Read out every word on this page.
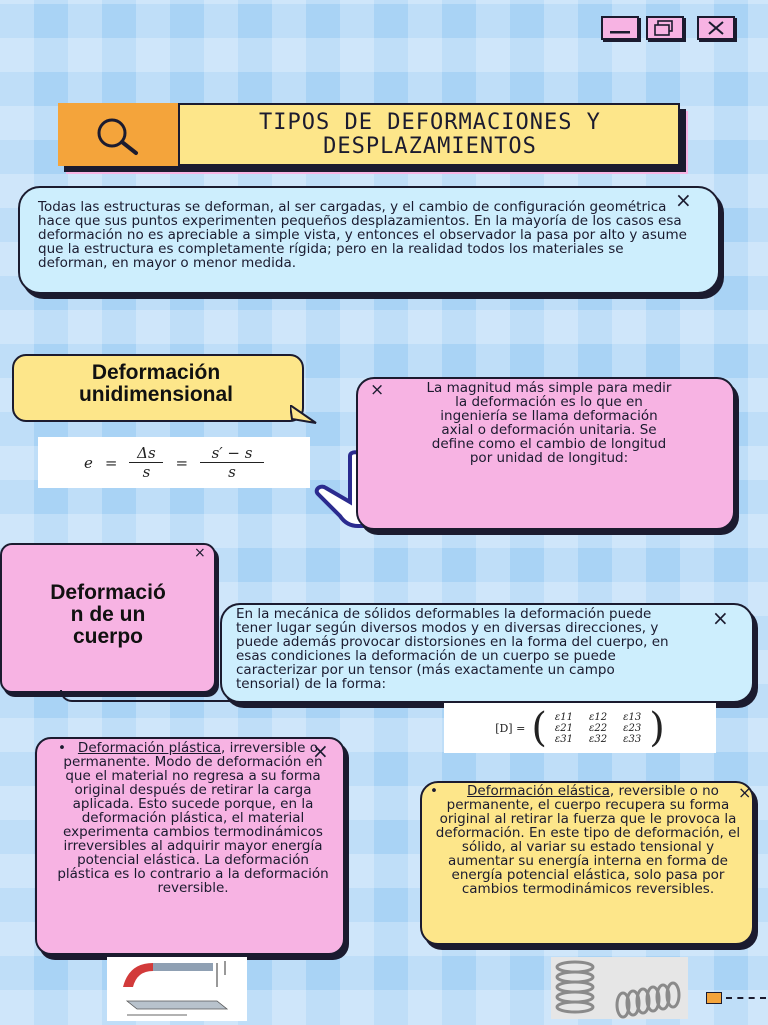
TIPOS DE DEFORMACIONES Y
DESPLAZAMIENTOS
Todas las estructuras se deforman, al ser cargadas, y el cambio de configuración geométrica hace que sus puntos experimenten pequeños desplazamientos. En la mayoría de los casos esa deformación no es apreciable a simple vista, y entonces el observador la pasa por alto y asume que la estructura es completamente rígida; pero en la realidad todos los materiales se deforman, en mayor o menor medida.
×
Deformación
unidimensional
$e = \frac{\Delta s}{s} = \frac{s' - s}{s}$
La magnitud más simple para medir la deformación es lo que en ingeniería se llama deformación axial o deformación unitaria. Se define como el cambio de longitud por unidad de longitud:
×
×
Deformació
n de un
cuerpo
En la mecánica de sólidos deformables la deformación puede tener lugar según diversos modos y en diversas direcciones, y puede además provocar distorsiones en la forma del cuerpo, en esas condiciones la deformación de un cuerpo se puede caracterizar por un tensor (más exactamente un campo tensorial) de la forma:
×
[D] = ( ε11	ε12	ε13
ε21	ε22	ε23
ε31	ε32	ε33 )
• Deformación plástica, irreversible o permanente. Modo de deformación en que el material no regresa a su forma original después de retirar la carga aplicada. Esto sucede porque, en la deformación plástica, el material experimenta cambios termodinámicos irreversibles al adquirir mayor energía potencial elástica. La deformación plástica es lo contrario a la deformación reversible.
×
• Deformación elástica, reversible o no permanente, el cuerpo recupera su forma original al retirar la fuerza que le provoca la deformación. En este tipo de deformación, el sólido, al variar su estado tensional y aumentar su energía interna en forma de energía potencial elástica, solo pasa por cambios termodinámicos reversibles.
×
